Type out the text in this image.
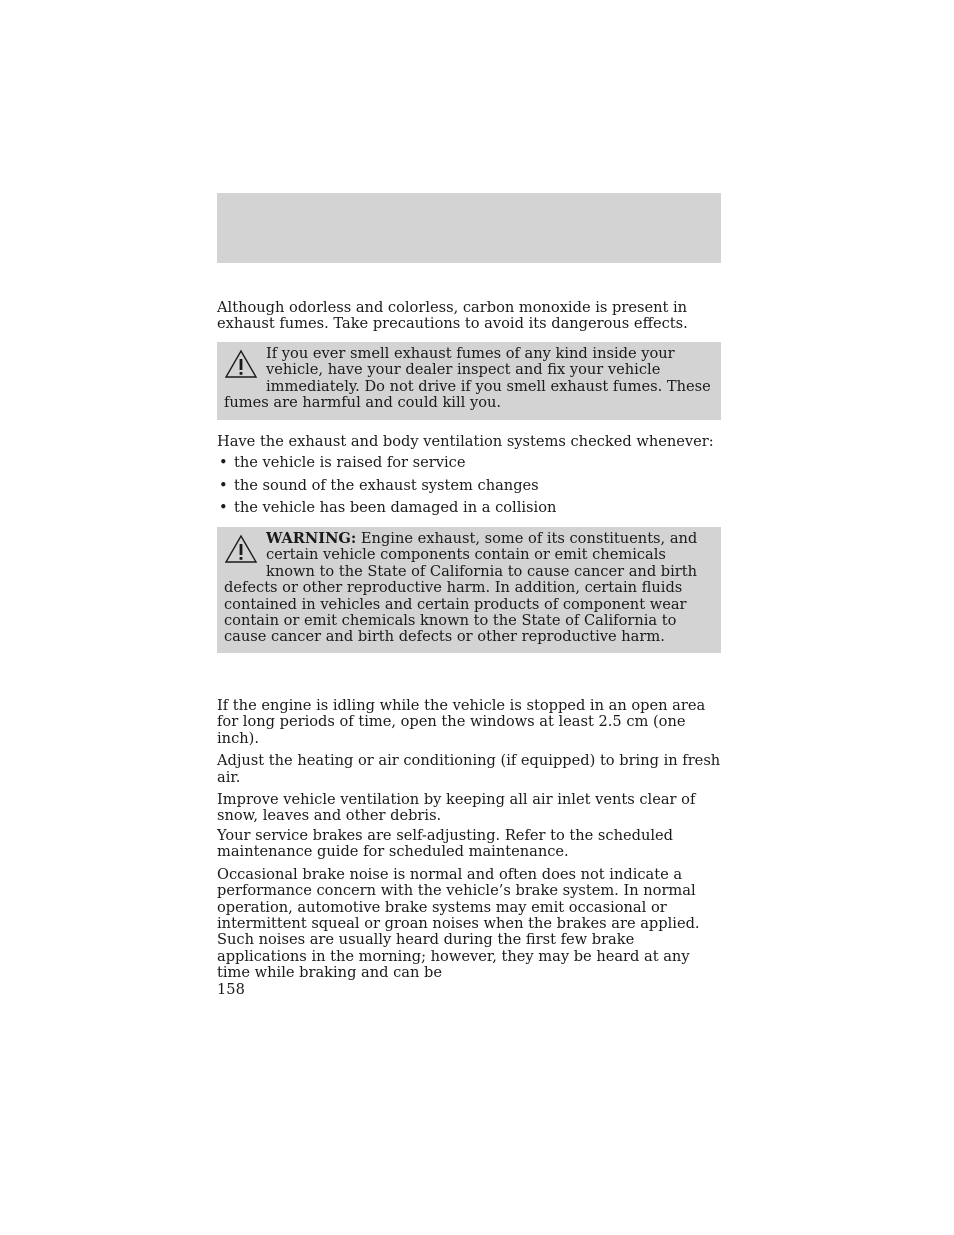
Although odorless and colorless, carbon monoxide is present in exhaust fumes. Take precautions to avoid its dangerous effects.

If you ever smell exhaust fumes of any kind inside your vehicle, have your dealer inspect and fix your vehicle immediately. Do not drive if you smell exhaust fumes. These fumes are harmful and could kill you.

Have the exhaust and body ventilation systems checked whenever:

• the vehicle is raised for service
• the sound of the exhaust system changes
• the vehicle has been damaged in a collision
WARNING: Engine exhaust, some of its constituents, and certain vehicle components contain or emit chemicals known to the State of California to cause cancer and birth defects or other reproductive harm. In addition, certain fluids contained in vehicles and certain products of component wear contain or emit chemicals known to the State of California to cause cancer and birth defects or other reproductive harm.

If the engine is idling while the vehicle is stopped in an open area for long periods of time, open the windows at least 2.5 cm (one inch).

Adjust the heating or air conditioning (if equipped) to bring in fresh air.

Improve vehicle ventilation by keeping all air inlet vents clear of snow, leaves and other debris.

Your service brakes are self-adjusting. Refer to the scheduled maintenance guide for scheduled maintenance.

Occasional brake noise is normal and often does not indicate a performance concern with the vehicle’s brake system. In normal operation, automotive brake systems may emit occasional or intermittent squeal or groan noises when the brakes are applied. Such noises are usually heard during the first few brake applications in the morning; however, they may be heard at any time while braking and can be

158
